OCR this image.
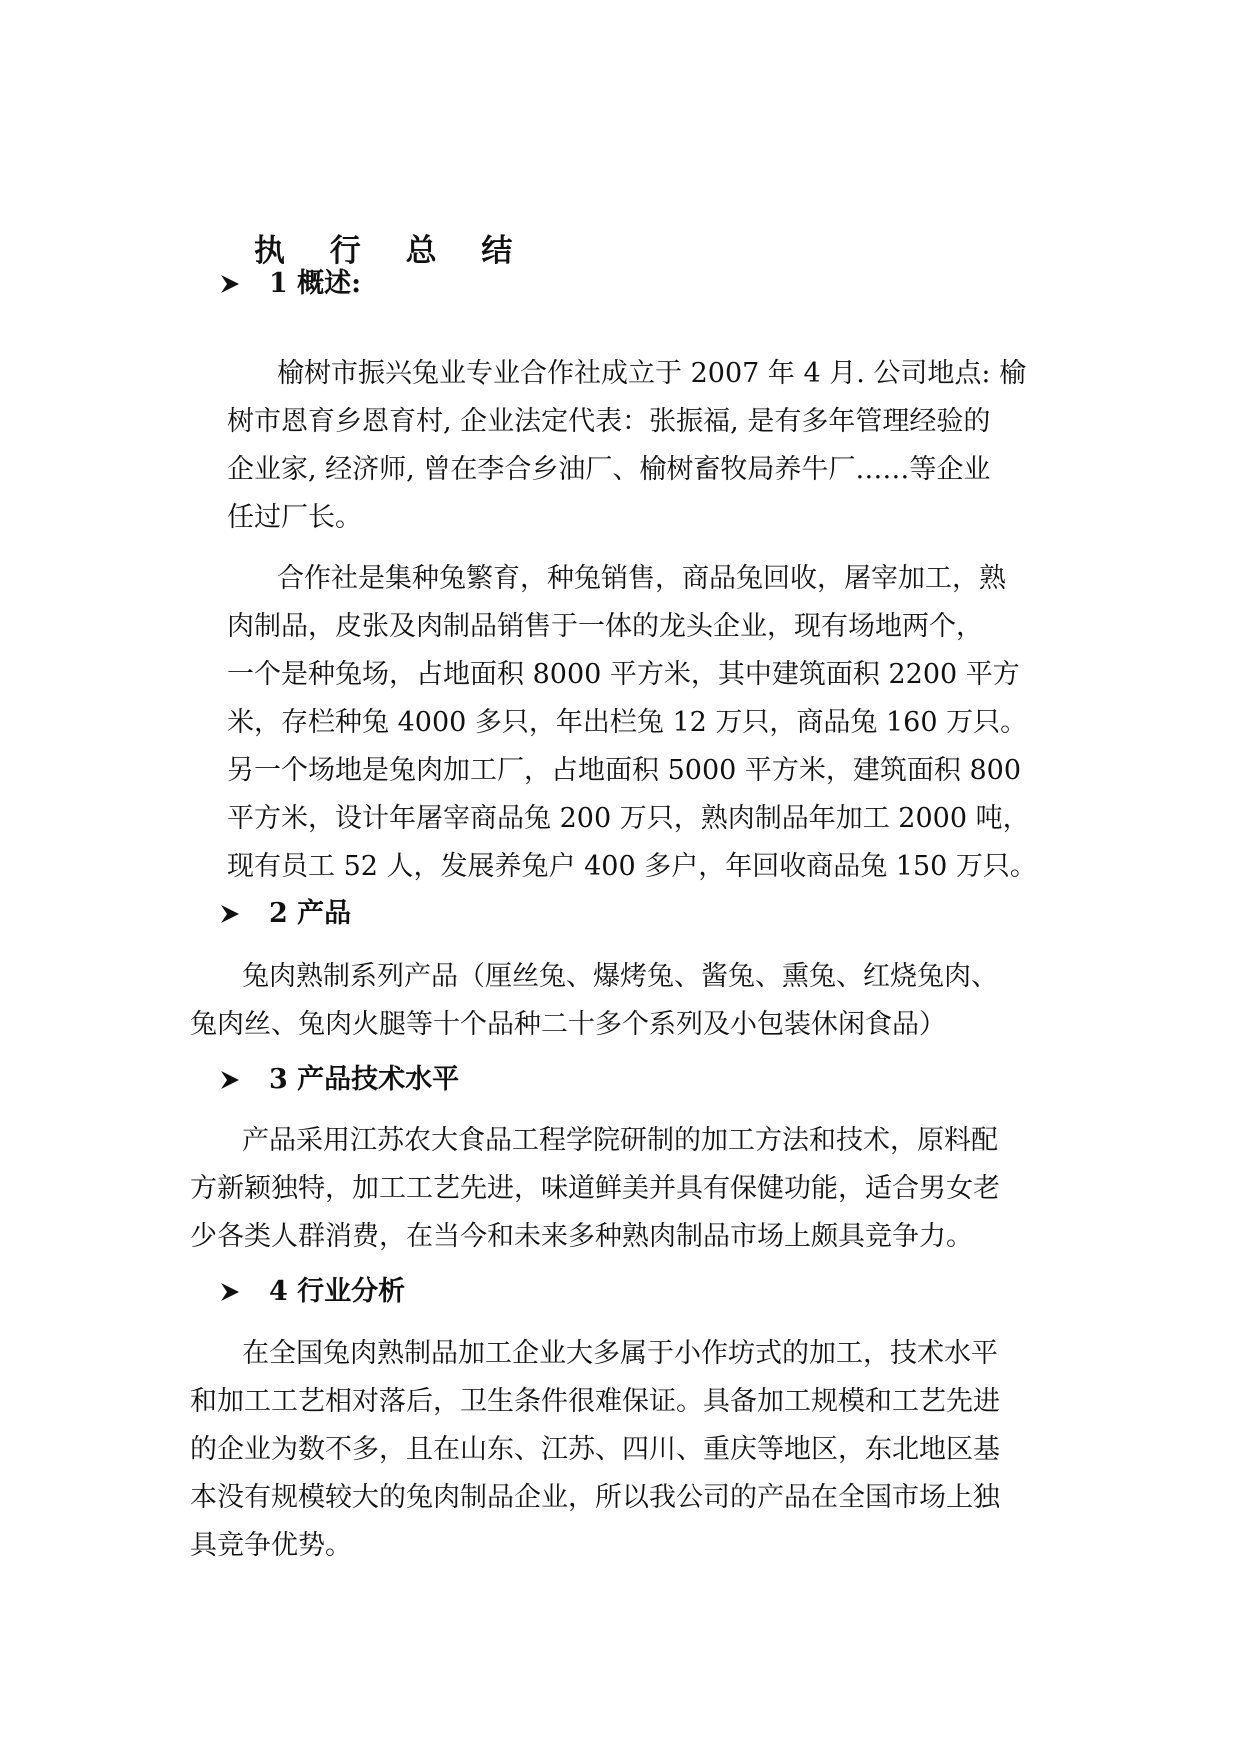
执 行 总 结
1 概述:
榆树市振兴兔业专业合作社成立于 2007 年 4 月. 公司地点: 榆
树市恩育乡恩育村, 企业法定代表：张振福, 是有多年管理经验的
企业家, 经济师, 曾在李合乡油厂、榆树畜牧局养牛厂……等企业
任过厂长。
合作社是集种兔繁育，种兔销售，商品兔回收，屠宰加工，熟
肉制品，皮张及肉制品销售于一体的龙头企业，现有场地两个，
一个是种兔场，占地面积 8000 平方米，其中建筑面积 2200 平方
米，存栏种兔 4000 多只，年出栏兔 12 万只，商品兔 160 万只。
另一个场地是兔肉加工厂，占地面积 5000 平方米，建筑面积 800
平方米，设计年屠宰商品兔 200 万只，熟肉制品年加工 2000 吨，
现有员工 52 人，发展养兔户 400 多户，年回收商品兔 150 万只。
2 产品
兔肉熟制系列产品（厘丝兔、爆烤兔、酱兔、熏兔、红烧兔肉、
兔肉丝、兔肉火腿等十个品种二十多个系列及小包装休闲食品）
3 产品技术水平
产品采用江苏农大食品工程学院研制的加工方法和技术，原料配
方新颖独特，加工工艺先进，味道鲜美并具有保健功能，适合男女老
少各类人群消费，在当今和未来多种熟肉制品市场上颇具竞争力。
4 行业分析
在全国兔肉熟制品加工企业大多属于小作坊式的加工，技术水平
和加工工艺相对落后，卫生条件很难保证。具备加工规模和工艺先进
的企业为数不多，且在山东、江苏、四川、重庆等地区，东北地区基
本没有规模较大的兔肉制品企业，所以我公司的产品在全国市场上独
具竞争优势。
